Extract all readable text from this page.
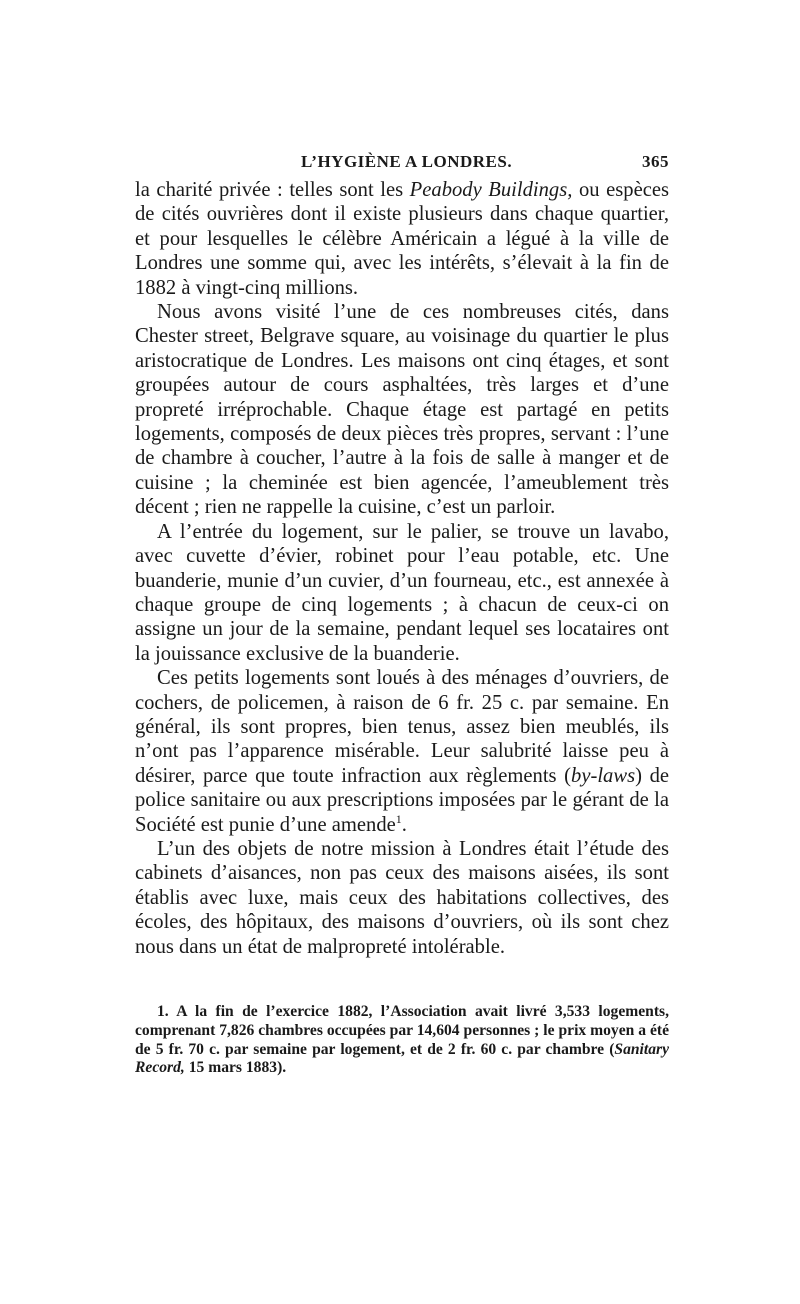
L’HYGIÈNE A LONDRES.	365

la charité privée : telles sont les Peabody Buildings, ou espèces de cités ouvrières dont il existe plusieurs dans chaque quartier, et pour lesquelles le célèbre Américain a légué à la ville de Londres une somme qui, avec les intérêts, s’élevait à la fin de 1882 à vingt-cinq millions.

Nous avons visité l’une de ces nombreuses cités, dans Chester street, Belgrave square, au voisinage du quartier le plus aristocratique de Londres. Les maisons ont cinq étages, et sont groupées autour de cours asphaltées, très larges et d’une propreté irréprochable. Chaque étage est partagé en petits logements, composés de deux pièces très propres, servant : l’une de chambre à coucher, l’autre à la fois de salle à manger et de cuisine ; la cheminée est bien agencée, l’ameublement très décent ; rien ne rappelle la cuisine, c’est un parloir.

A l’entrée du logement, sur le palier, se trouve un lavabo, avec cuvette d’évier, robinet pour l’eau potable, etc. Une buanderie, munie d’un cuvier, d’un fourneau, etc., est annexée à chaque groupe de cinq logements ; à chacun de ceux-ci on assigne un jour de la semaine, pendant lequel ses locataires ont la jouissance exclusive de la buanderie.

Ces petits logements sont loués à des ménages d’ouvriers, de cochers, de policemen, à raison de 6 fr. 25 c. par semaine. En général, ils sont propres, bien tenus, assez bien meublés, ils n’ont pas l’apparence misérable. Leur salubrité laisse peu à désirer, parce que toute infraction aux règlements (by-laws) de police sanitaire ou aux prescriptions imposées par le gérant de la Société est punie d’une amende$^1$.

L’un des objets de notre mission à Londres était l’étude des cabinets d’aisances, non pas ceux des maisons aisées, ils sont établis avec luxe, mais ceux des habitations collectives, des écoles, des hôpitaux, des maisons d’ouvriers, où ils sont chez nous dans un état de malpropreté intolérable.

1. A la fin de l’exercice 1882, l’Association avait livré 3,533 logements, comprenant 7,826 chambres occupées par 14,604 personnes ; le prix moyen a été de 5 fr. 70 c. par semaine par logement, et de 2 fr. 60 c. par chambre (Sanitary Record, 15 mars 1883).
